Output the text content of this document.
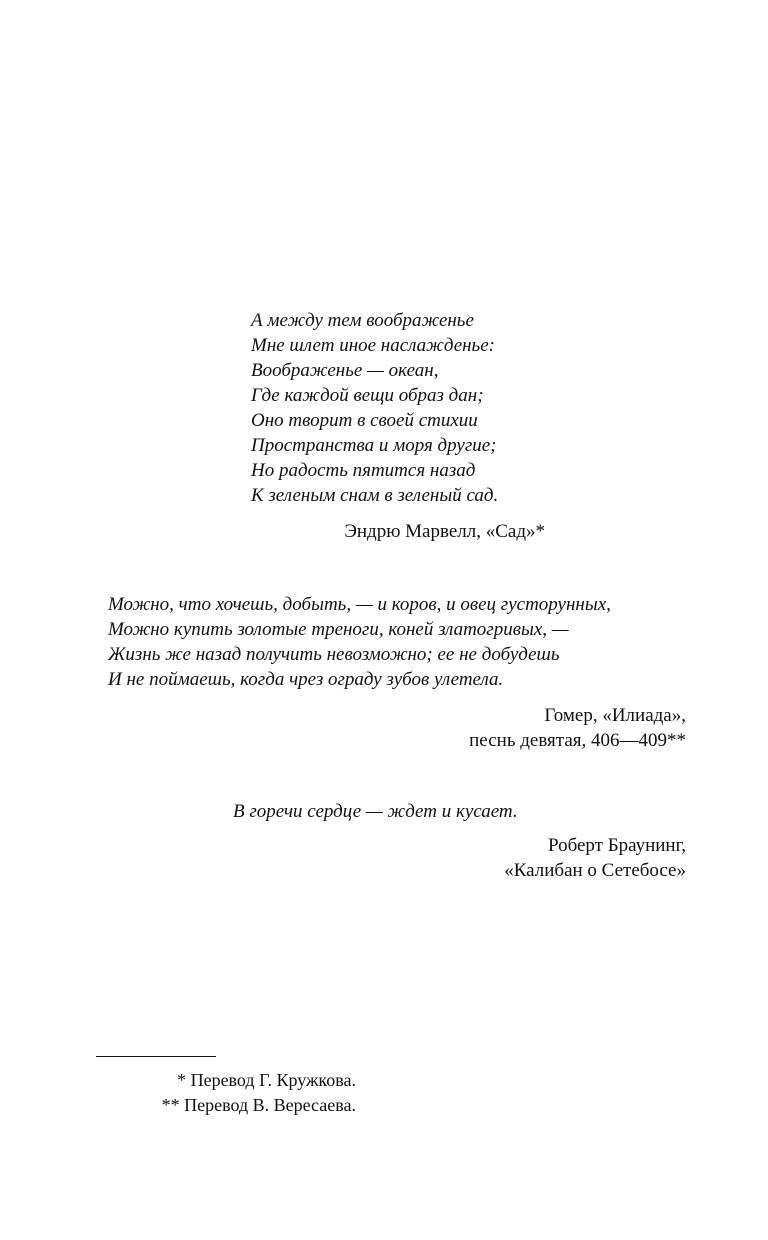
А между тем воображенье
Мне шлет иное наслажденье:
Воображенье — океан,
Где каждой вещи образ дан;
Оно творит в своей стихии
Пространства и моря другие;
Но радость пятится назад
К зеленым снам в зеленый сад.
Эндрю Марвелл, «Сад»*
Можно, что хочешь, добыть, — и коров, и овец густорунных,
Можно купить золотые треноги, коней златогривых, —
Жизнь же назад получить невозможно; ее не добудешь
И не поймаешь, когда чрез ограду зубов улетела.
Гомер, «Илиада»,
песнь девятая, 406—409**
В горечи сердце — ждет и кусает.
Роберт Браунинг,
«Калибан о Сетебосе»
* Перевод Г. Кружкова.
** Перевод В. Вересаева.
